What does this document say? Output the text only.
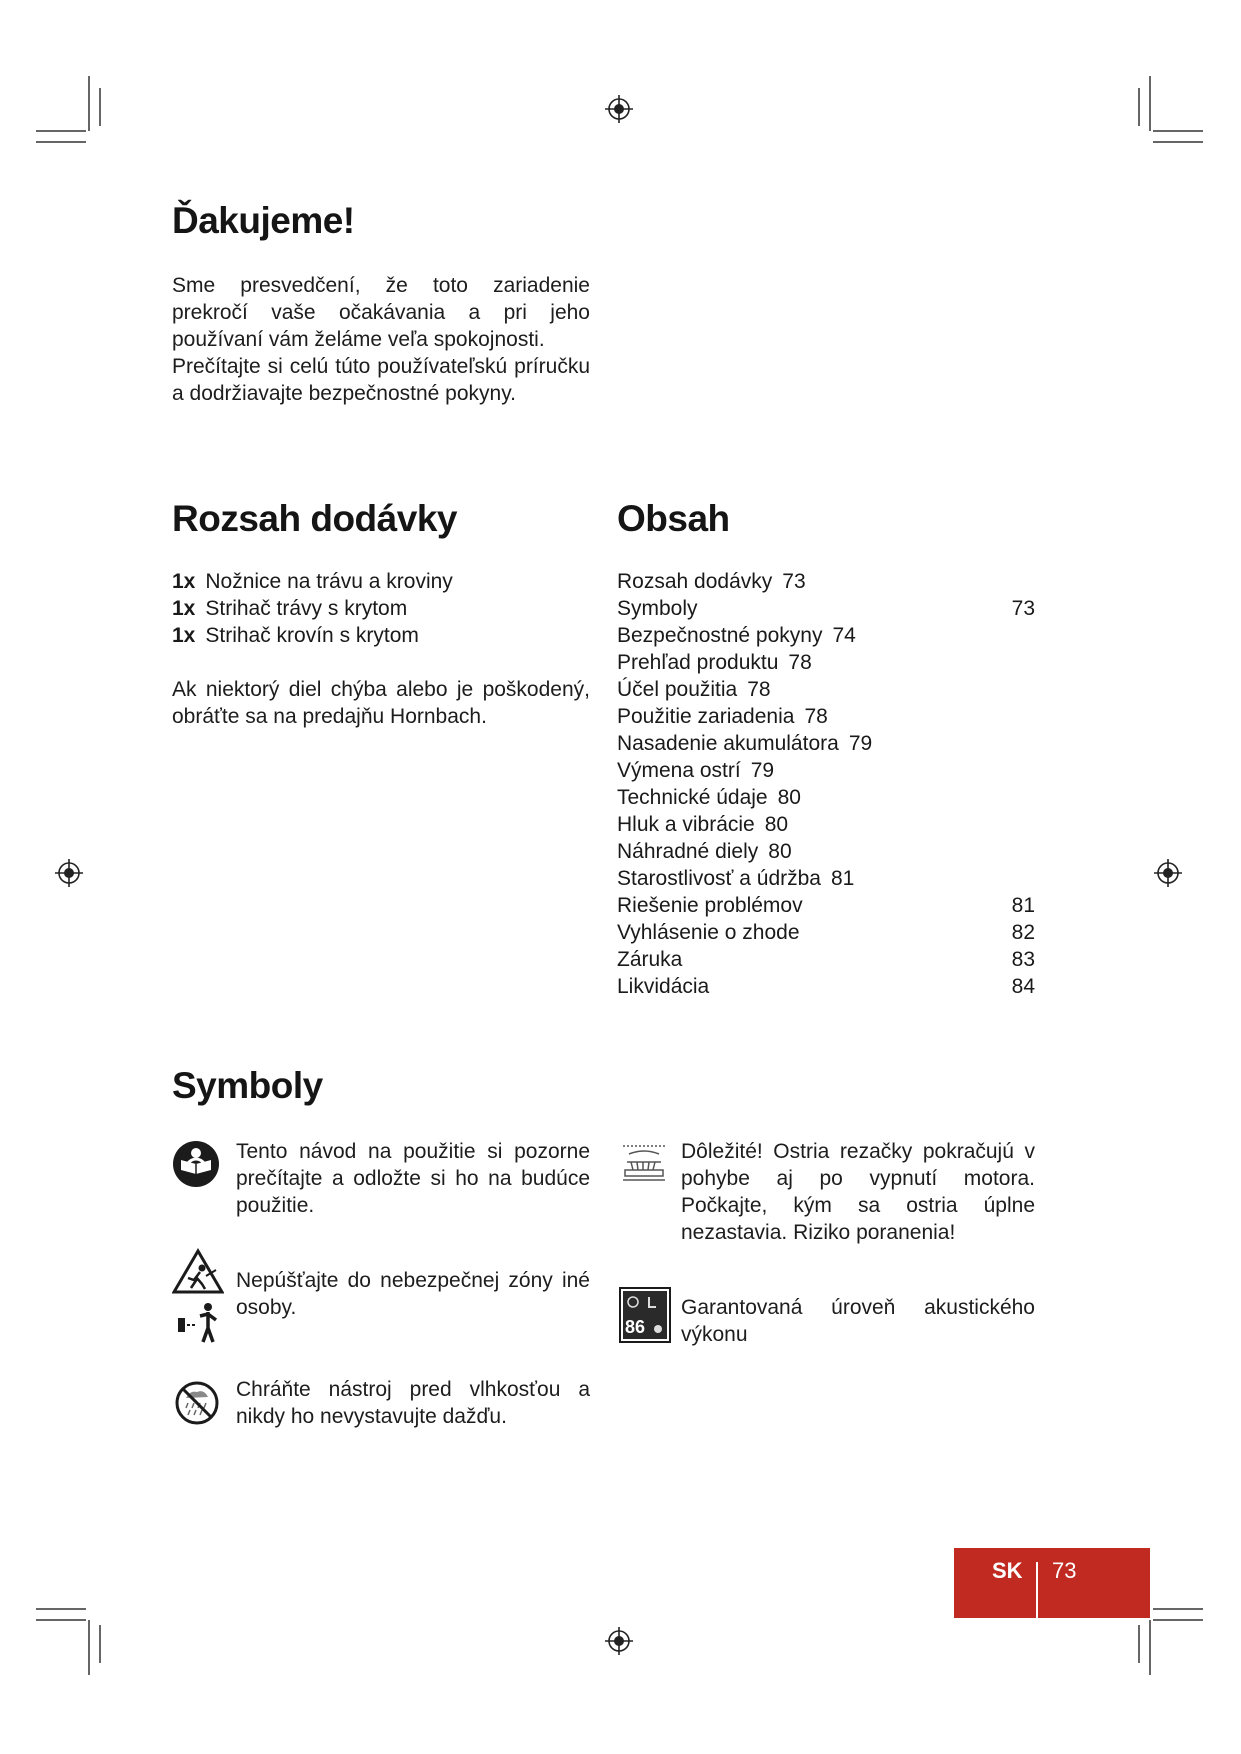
Ďakujeme!

Sme presvedčení, že toto zariadenie prekročí vaše očakávania a pri jeho používaní vám želáme veľa spokojnosti.

Prečítajte si celú túto používateľskú príručku a dodržiavajte bezpečnostné pokyny.

Rozsah dodávky
1x Nožnice na trávu a kroviny
1x Strihač trávy s krytom
1x Strihač krovín s krytom

Ak niektorý diel chýba alebo je poškodený, obráťte sa na predajňu Hornbach.

Obsah
Rozsah dodávky 73
Symboly	73
Bezpečnostné pokyny 74
Prehľad produktu 78
Účel použitia 78
Použitie zariadenia 78
Nasadenie akumulátora 79
Výmena ostrí 79
Technické údaje 80
Hluk a vibrácie 80
Náhradné diely 80
Starostlivosť a údržba 81
Riešenie problémov	81
Vyhlásenie o zhode	82
Záruka	83
Likvidácia	84
Symboly

Tento návod na použitie si pozorne prečítajte a odložte si ho na budúce použitie.

Nepúšťajte do nebezpečnej zóny iné osoby.

Chráňte nástroj pred vlhkosťou a nikdy ho nevystavujte dažďu.

Dôležité! Ostria rezačky pokračujú v pohybe aj po vypnutí motora. Počkajte, kým sa ostria úplne nezastavia. Riziko poranenia!

86

Garantovaná úroveň akustického výkonu

SK 73
